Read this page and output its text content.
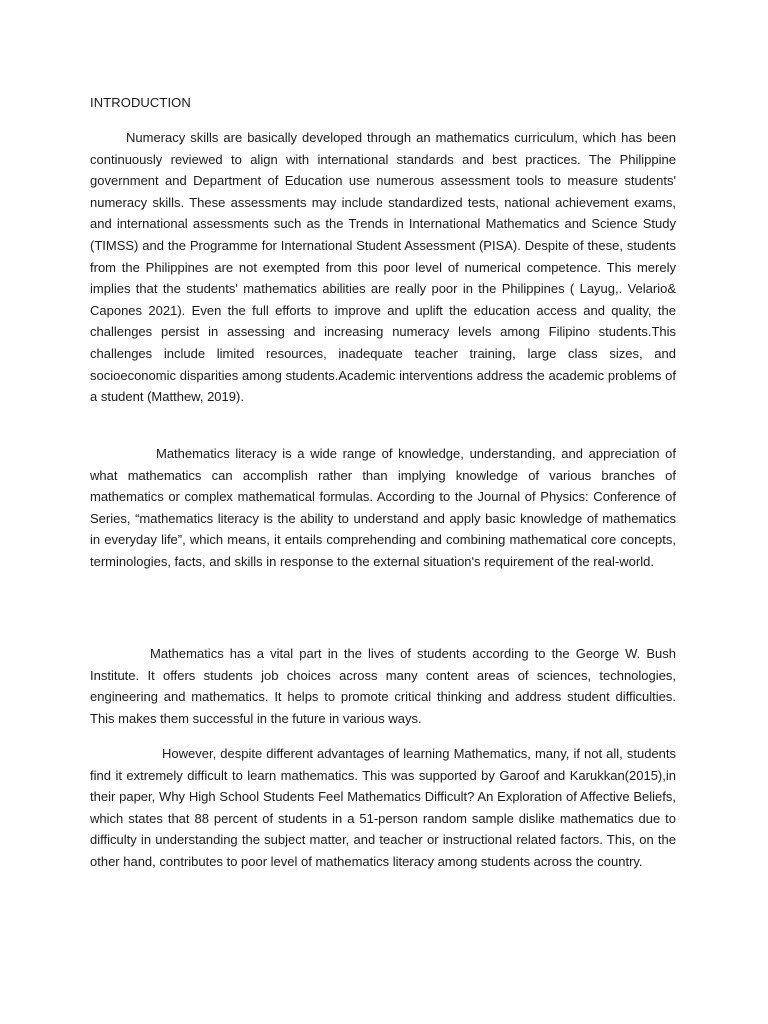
INTRODUCTION

Numeracy skills are basically developed through an mathematics curriculum, which has been continuously reviewed to align with international standards and best practices. The Philippine government and Department of Education use numerous assessment tools to measure students' numeracy skills. These assessments may include standardized tests, national achievement exams, and international assessments such as the Trends in International Mathematics and Science Study (TIMSS) and the Programme for International Student Assessment (PISA). Despite of these, students from the Philippines are not exempted from this poor level of numerical competence. This merely implies that the students' mathematics abilities are really poor in the Philippines ( Layug,. Velario& Capones 2021). Even the full efforts to improve and uplift the education access and quality, the challenges persist in assessing and increasing numeracy levels among Filipino students.This challenges include limited resources, inadequate teacher training, large class sizes, and socioeconomic disparities among students.Academic interventions address the academic problems of a student (Matthew, 2019).

Mathematics literacy is a wide range of knowledge, understanding, and appreciation of what mathematics can accomplish rather than implying knowledge of various branches of mathematics or complex mathematical formulas. According to the Journal of Physics: Conference of Series, “mathematics literacy is the ability to understand and apply basic knowledge of mathematics in everyday life”, which means, it entails comprehending and combining mathematical core concepts, terminologies, facts, and skills in response to the external situation's requirement of the real-world.

Mathematics has a vital part in the lives of students according to the George W. Bush Institute. It offers students job choices across many content areas of sciences, technologies, engineering and mathematics. It helps to promote critical thinking and address student difficulties. This makes them successful in the future in various ways.

However, despite different advantages of learning Mathematics, many, if not all, students find it extremely difficult to learn mathematics. This was supported by Garoof and Karukkan(2015),in their paper, Why High School Students Feel Mathematics Difficult? An Exploration of Affective Beliefs, which states that 88 percent of students in a 51-person random sample dislike mathematics due to difficulty in understanding the subject matter, and teacher or instructional related factors. This, on the other hand, contributes to poor level of mathematics literacy among students across the country.
